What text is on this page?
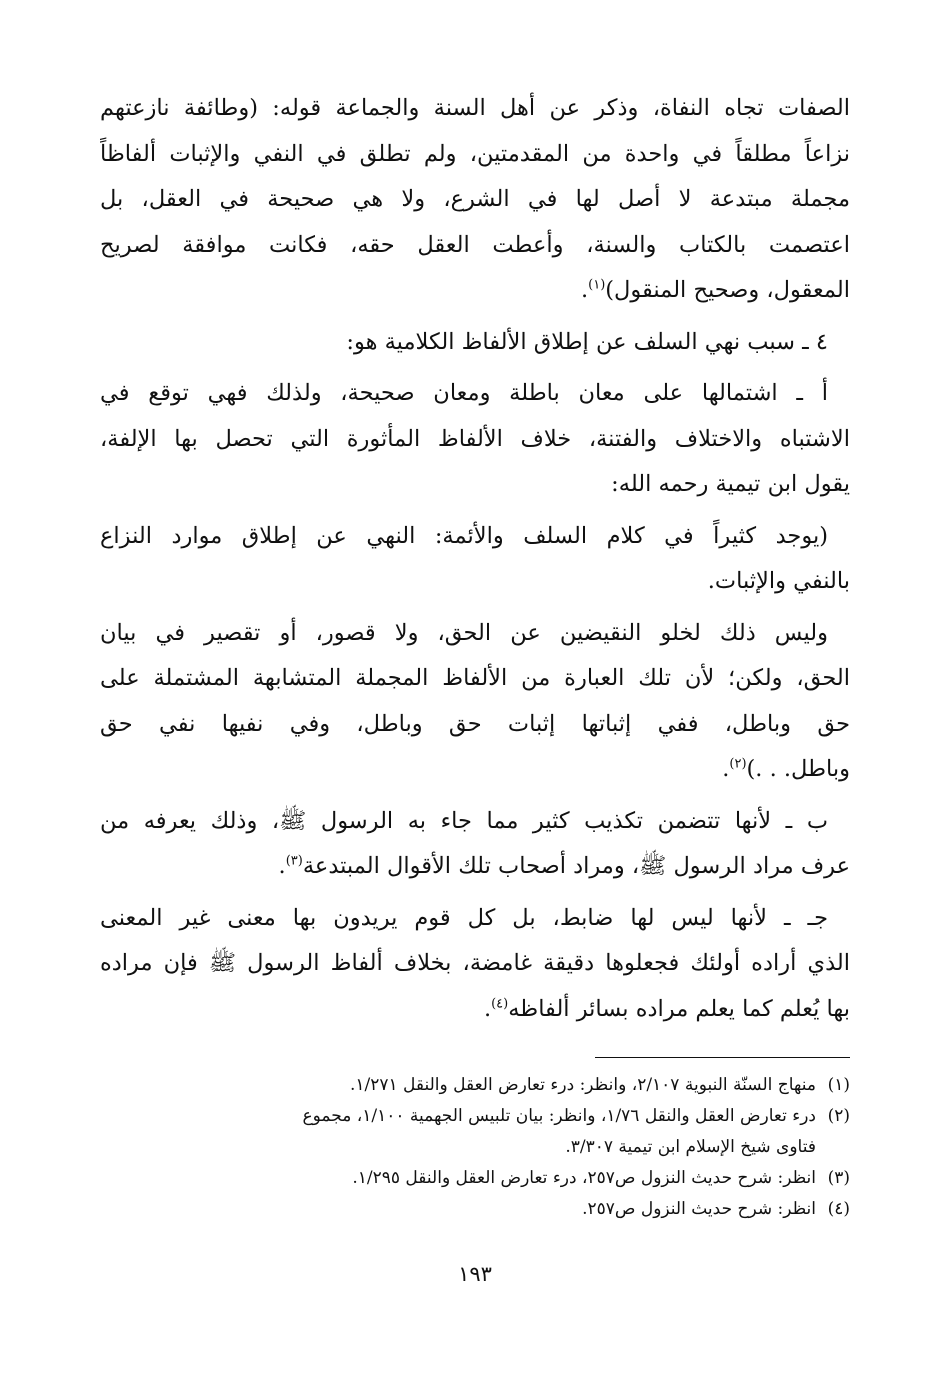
الصفات تجاه النفاة، وذكر عن أهل السنة والجماعة قوله: (وطائفة نازعتهم

نزاعاً مطلقاً في واحدة من المقدمتين، ولم تطلق في النفي والإثبات ألفاظاً

مجملة مبتدعة لا أصل لها في الشرع، ولا هي صحيحة في العقل، بل

اعتصمت بالكتاب والسنة، وأعطت العقل حقه، فكانت موافقة لصريح

المعقول، وصحيح المنقول)$^{(١)}$.

٤ ـ سبب نهي السلف عن إطلاق الألفاظ الكلامية هو:

أ ـ اشتمالها على معان باطلة ومعان صحيحة، ولذلك فهي توقع في

الاشتباه والاختلاف والفتنة، خلاف الألفاظ المأثورة التي تحصل بها الإلفة،

يقول ابن تيمية رحمه الله:

(يوجد كثيراً في كلام السلف والأئمة: النهي عن إطلاق موارد النزاع

بالنفي والإثبات.

وليس ذلك لخلو النقيضين عن الحق، ولا قصور، أو تقصير في بيان

الحق، ولكن؛ لأن تلك العبارة من الألفاظ المجملة المتشابهة المشتملة على

حق وباطل، ففي إثباتها إثبات حق وباطل، وفي نفيها نفي حق

وباطل. . .)$^{(٢)}$.

ب ـ لأنها تتضمن تكذيب كثير مما جاء به الرسول ﷺ، وذلك يعرفه من

عرف مراد الرسول ﷺ، ومراد أصحاب تلك الأقوال المبتدعة$^{(٣)}$.

جـ ـ لأنها ليس لها ضابط، بل كل قوم يريدون بها معنى غير المعنى

الذي أراده أولئك فجعلوها دقيقة غامضة، بخلاف ألفاظ الرسول ﷺ فإن مراده

بها يُعلم كما يعلم مراده بسائر ألفاظه$^{(٤)}$.

(١)
منهاج السنّة النبوية ٢/١٠٧، وانظر: درء تعارض العقل والنقل ١/٢٧١.
(٢)
درء تعارض العقل والنقل ١/٧٦، وانظر: بيان تلبيس الجهمية ١/١٠٠، مجموع
فتاوى شيخ الإسلام ابن تيمية ٣/٣٠٧.
(٣)
انظر: شرح حديث النزول ص٢٥٧، درء تعارض العقل والنقل ١/٢٩٥.
(٤)
انظر: شرح حديث النزول ص٢٥٧.
١٩٣
